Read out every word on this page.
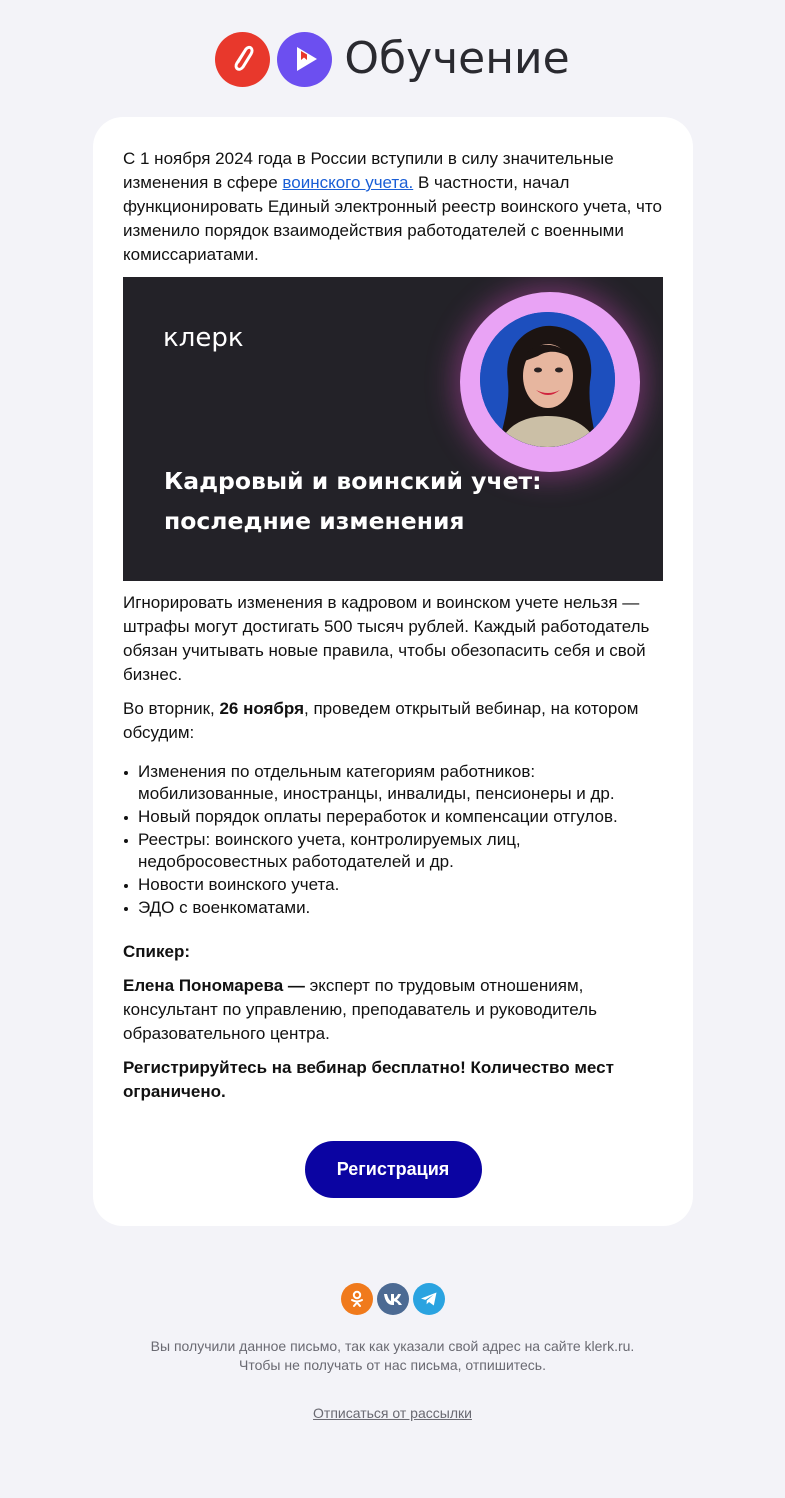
Обучение

С 1 ноября 2024 года в России вступили в силу значительные изменения в сфере воинского учета. В частности, начал функционировать Единый электронный реестр воинского учета, что изменило порядок взаимодействия работодателей с военными комиссариатами.

клерк
Кадровый и воинский учет:
последние изменения

Игнорировать изменения в кадровом и воинском учете нельзя — штрафы могут достигать 500 тысяч рублей. Каждый работодатель обязан учитывать новые правила, чтобы обезопасить себя и свой бизнес.

Во вторник, 26 ноября, проведем открытый вебинар, на котором обсудим:

Изменения по отдельным категориям работников: мобилизованные, иностранцы, инвалиды, пенсионеры и др.
Новый порядок оплаты переработок и компенсации отгулов.
Реестры: воинского учета, контролируемых лиц, недобросовестных работодателей и др.
Новости воинского учета.
ЭДО с военкоматами.

Спикер:

Елена Пономарева — эксперт по трудовым отношениям, консультант по управлению, преподаватель и руководитель образовательного центра.

Регистрируйтесь на вебинар бесплатно! Количество мест ограничено.

Регистрация
Вы получили данное письмо, так как указали свой адрес на сайте klerk.ru.
Чтобы не получать от нас письма, отпишитесь.
Отписаться от рассылки
